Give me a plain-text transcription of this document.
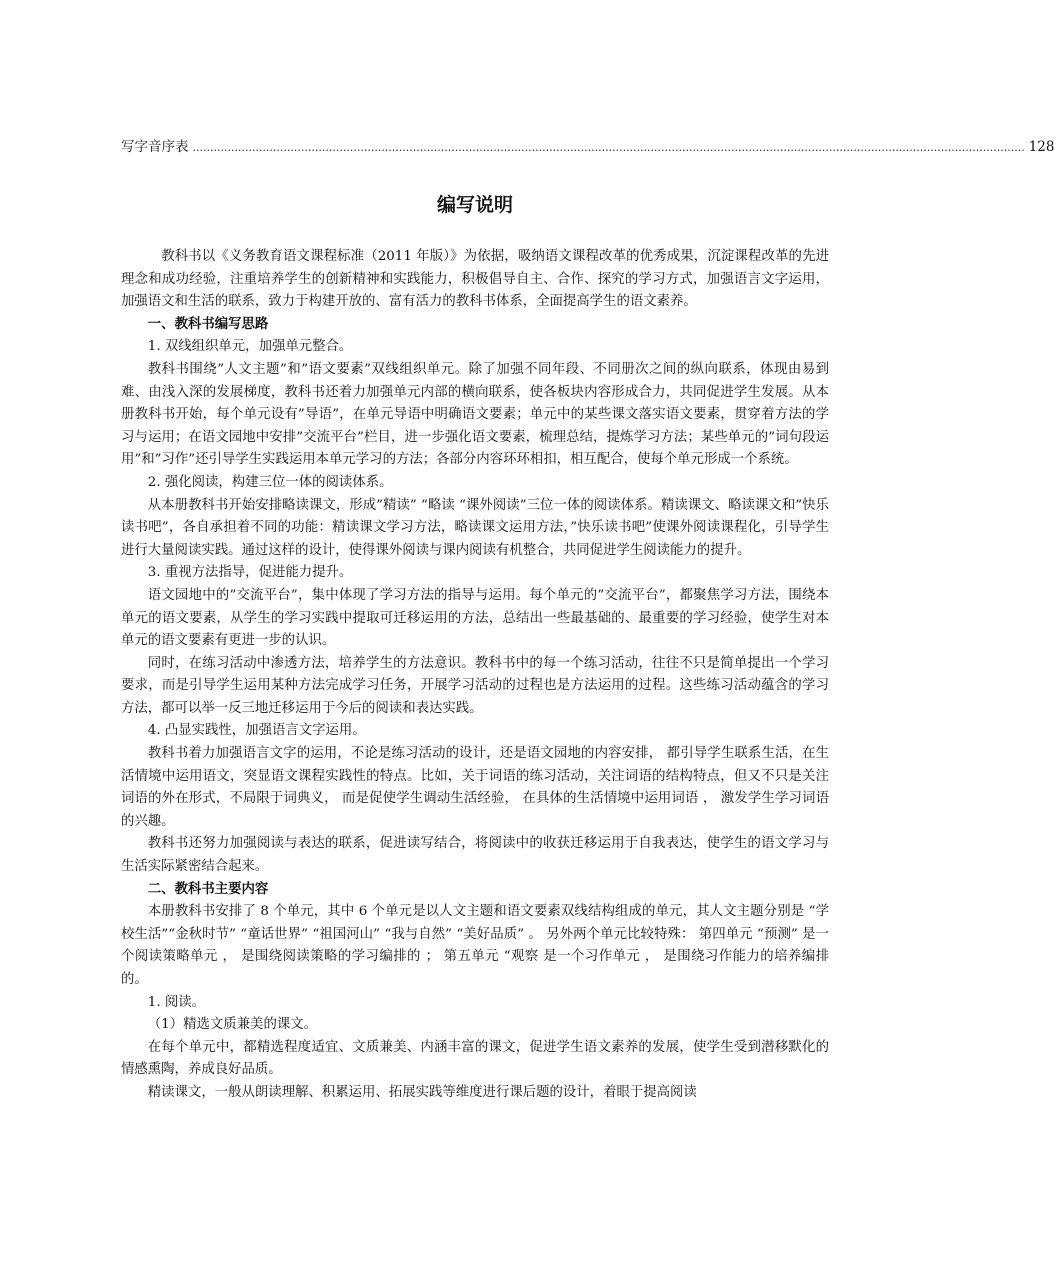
写字音序表 .............................................................................................................................................................................................................................................. 128
编写说明

教科书以《义务教育语文课程标准（2011 年版）》为依据，吸纳语文课程改革的优秀成果，沉淀课程改革的先进理念和成功经验，注重培养学生的创新精神和实践能力，积极倡导自主、合作、探究的学习方式，加强语言文字运用，加强语文和生活的联系，致力于构建开放的、富有活力的教科书体系，全面提高学生的语文素养。

一、教科书编写思路

1. 双线组织单元，加强单元整合。

教科书围绕”人文主题”和”语文要素”双线组织单元。除了加强不同年段、不同册次之间的纵向联系，体现由易到难、由浅入深的发展梯度，教科书还着力加强单元内部的横向联系，使各板块内容形成合力，共同促进学生发展。从本册教科书开始，每个单元设有”导语”，在单元导语中明确语文要素；单元中的某些课文落实语文要素，贯穿着方法的学习与运用；在语文园地中安排”交流平台”栏目，进一步强化语文要素，梳理总结，提炼学习方法；某些单元的”词句段运用”和”习作”还引导学生实践运用本单元学习的方法；各部分内容环环相扣，相互配合，使每个单元形成一个系统。

2. 强化阅读，构建三位一体的阅读体系。

从本册教科书开始安排略读课文，形成”精读” “略读 “课外阅读”三位一体的阅读体系。精读课文、略读课文和”快乐读书吧”，各自承担着不同的功能：精读课文学习方法，略读课文运用方法，”快乐读书吧”使课外阅读课程化，引导学生进行大量阅读实践。通过这样的设计，使得课外阅读与课内阅读有机整合，共同促进学生阅读能力的提升。

3. 重视方法指导，促进能力提升。

语文园地中的”交流平台”，集中体现了学习方法的指导与运用。每个单元的”交流平台”，都聚焦学习方法，围绕本单元的语文要素，从学生的学习实践中提取可迁移运用的方法，总结出一些最基础的、最重要的学习经验，使学生对本单元的语文要素有更进一步的认识。

同时，在练习活动中渗透方法，培养学生的方法意识。教科书中的每一个练习活动，往往不只是简单提出一个学习要求，而是引导学生运用某种方法完成学习任务，开展学习活动的过程也是方法运用的过程。这些练习活动蕴含的学习方法，都可以举一反三地迁移运用于今后的阅读和表达实践。

4. 凸显实践性，加强语言文字运用。

教科书着力加强语言文字的运用，不论是练习活动的设计，还是语文园地的内容安排， 都引导学生联系生活，在生活情境中运用语文，突显语文课程实践性的特点。比如，关于词语的练习活动，关注词语的结构特点，但又不只是关注词语的外在形式，不局限于词典义， 而是促使学生调动生活经验， 在具体的生活情境中运用词语 ， 激发学生学习词语的兴趣。

教科书还努力加强阅读与表达的联系，促进读写结合，将阅读中的收获迁移运用于自我表达，使学生的语文学习与生活实际紧密结合起来。

二、教科书主要内容

本册教科书安排了 8 个单元，其中 6 个单元是以人文主题和语文要素双线结构组成的单元，其人文主题分别是 “学校生活”“金秋时节” “童话世界” “祖国河山” “我与自然” “美好品质” 。 另外两个单元比较特殊： 第四单元 “预测” 是一个阅读策略单元 ， 是围绕阅读策略的学习编排的 ； 第五单元 “观察 是一个习作单元 ， 是围绕习作能力的培养编排的。

1. 阅读。

（1）精选文质兼美的课文。

在每个单元中，都精选程度适宜、文质兼美、内涵丰富的课文，促进学生语文素养的发展，使学生受到潜移默化的情感熏陶，养成良好品质。

精读课文，一般从朗读理解、积累运用、拓展实践等维度进行课后题的设计，着眼于提高阅读
